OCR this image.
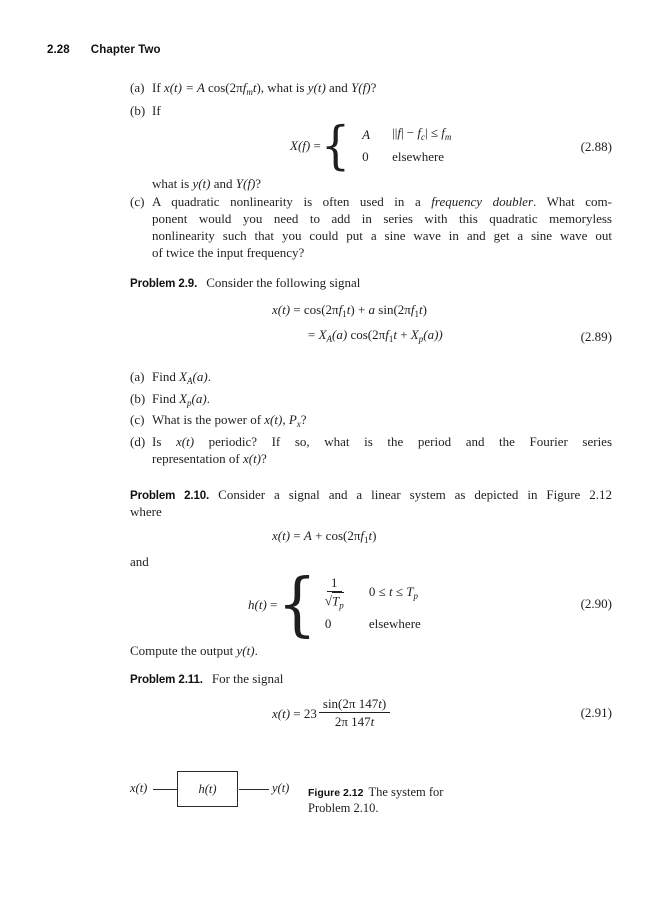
2.28 Chapter Two
(a) If x(t) = A $\cos(2\pi f_mt)$, what is y(t) and Y(f)?
(b) If
X(f) = { A	$||f| - f_c| \le f_m$
0	elsewhere
(2.88)
what is y(t) and Y(f)?
(c) A quadratic nonlinearity is often used in a frequency doubler. What com-
ponent would you need to add in series with this quadratic memoryless
nonlinearity such that you could put a sine wave in and get a sine wave out
of twice the input frequency?
Problem 2.9. Consider the following signal
$x(t) = \cos(2\pi f_1t) + a$ $\sin(2\pi f_1t)$
= $X_A(a) \cos(2\pi f_1t + X_p(a))$	(2.89)
(a) Find $X_A(a)$.
(b) Find $X_p(a)$.
(c) What is the power of x(t), $P_x$?
(d) Is x(t) periodic? If so, what is the period and the Fourier series
representation of x(t)?
Problem 2.10. Consider a signal and a linear system as depicted in Figure 2.12
where
$x(t) = A + \cos(2\pi f_1t)$
and
h(t) = { $\frac{1}{√T_p} 0 \le t \le T_p$
0	elsewhere
(2.90)
Compute the output y(t).
Problem 2.11. For the signal
$x(t) = 23 \frac{\sin(2\pi 147t)}{2\pi 147t}$	(2.91)
x(t)	h(t)	y(t) Figure 2.12 The system for Problem 2.10.
